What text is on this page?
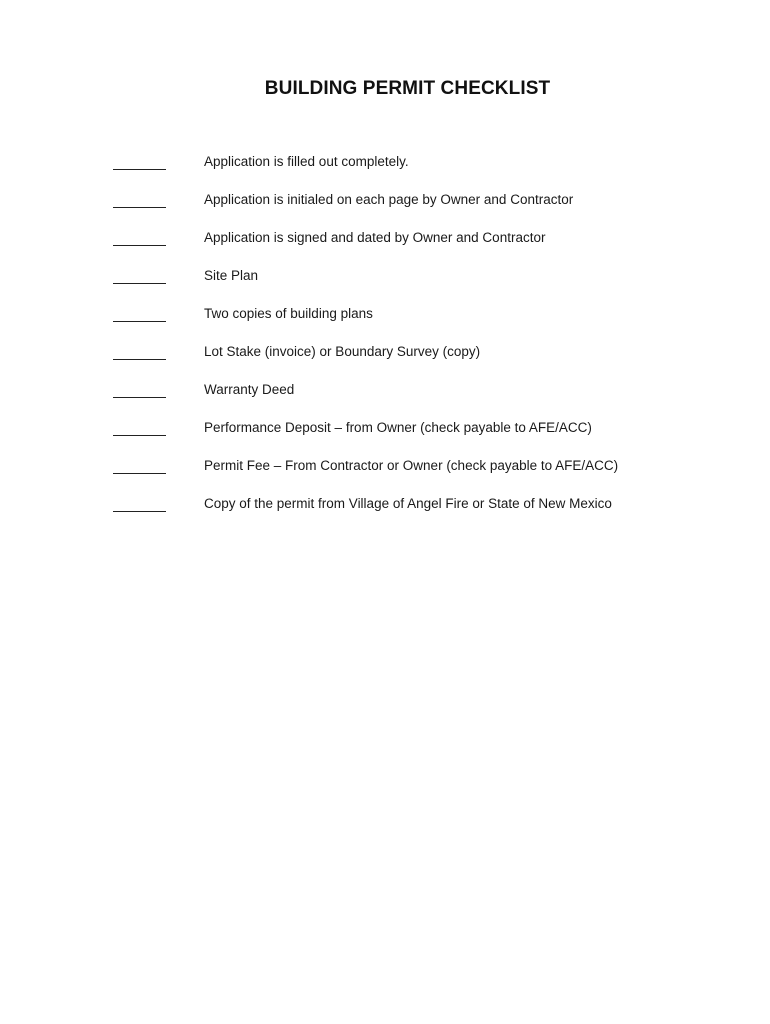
BUILDING PERMIT CHECKLIST
Application is filled out completely.
Application is initialed on each page by Owner and Contractor
Application is signed and dated by Owner and Contractor
Site Plan
Two copies of building plans
Lot Stake (invoice) or Boundary Survey (copy)
Warranty Deed
Performance Deposit – from Owner (check payable to AFE/ACC)
Permit Fee – From Contractor or Owner (check payable to AFE/ACC)
Copy of the permit from Village of Angel Fire or State of New Mexico
